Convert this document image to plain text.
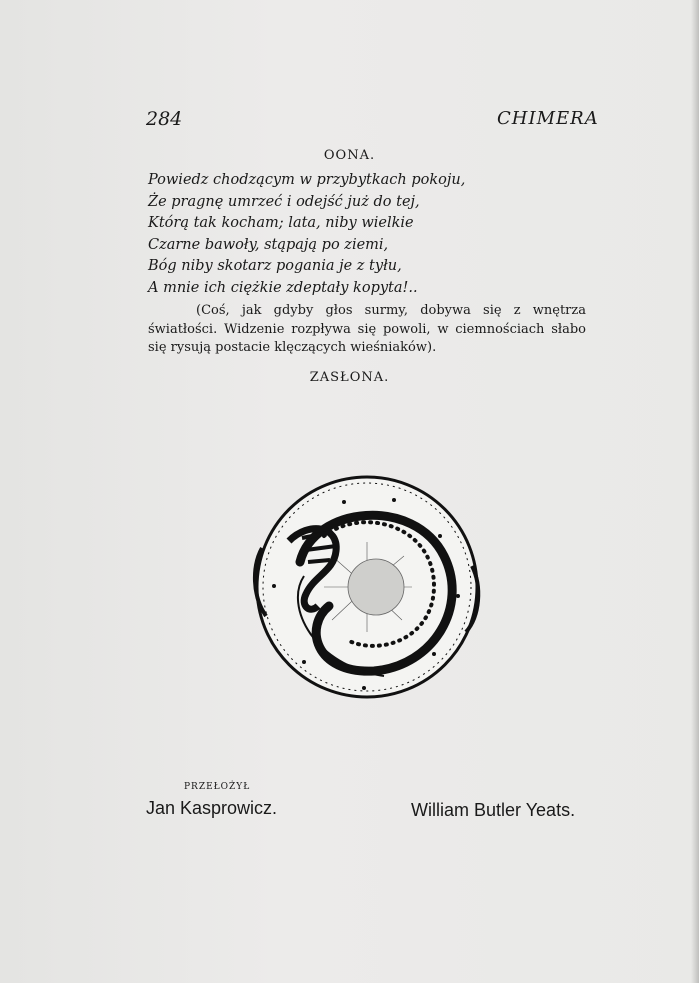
284	CHIMERA
OONA.
Powiedz chodzącym w przybytkach pokoju,
Że pragnę umrzeć i odejść już do tej,
Którą tak kocham; lata, niby wielkie
Czarne bawoły, stąpają po ziemi,
Bóg niby skotarz pogania je z tyłu,
A mnie ich ciężkie zdeptały kopyta!..
(Coś, jak gdyby głos surmy, dobywa się z wnętrza światłości. Widzenie rozpływa się powoli, w ciemnościach słabo się rysują postacie klęczących wieśniaków).
ZASŁONA.
PRZEŁOŻYŁ
Jan Kasprowicz.	William Butler Yeats.
